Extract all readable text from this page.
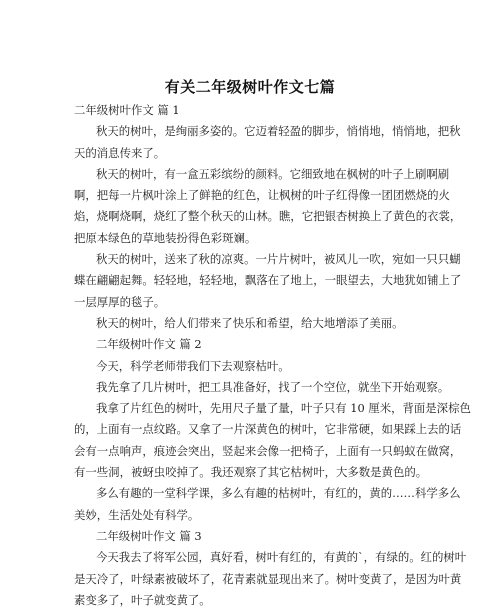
有关二年级树叶作文七篇
二年级树叶作文 篇 1
秋天的树叶，是绚丽多姿的。它迈着轻盈的脚步，悄悄地，悄悄地，把秋
天的消息传来了。
秋天的树叶，有一盒五彩缤纷的颜料。它细致地在枫树的叶子上刷啊刷
啊，把每一片枫叶涂上了鲜艳的红色，让枫树的叶子红得像一团团燃烧的火
焰，烧啊烧啊，烧红了整个秋天的山林。瞧，它把银杏树换上了黄色的衣裳，
把原本绿色的草地装扮得色彩斑斓。
秋天的树叶，送来了秋的凉爽。一片片树叶，被风儿一吹，宛如一只只蝴
蝶在翩翩起舞。轻轻地，轻轻地，飘落在了地上，一眼望去，大地犹如铺上了
一层厚厚的毯子。
秋天的树叶，给人们带来了快乐和希望，给大地增添了美丽。
二年级树叶作文 篇 2
今天，科学老师带我们下去观察枯叶。
我先拿了几片树叶，把工具准备好，找了一个空位，就坐下开始观察。
我拿了片红色的树叶，先用尺子量了量，叶子只有 10 厘米，背面是深棕色
的，上面有一点纹路。又拿了一片深黄色的树叶，它非常硬，如果踩上去的话
会有一点响声，痕迹会突出，竖起来会像一把椅子，上面有一只蚂蚁在做窝，
有一些洞，被蚜虫咬掉了。我还观察了其它枯树叶，大多数是黄色的。
多么有趣的一堂科学课，多么有趣的枯树叶，有红的，黄的……科学多么
美妙，生活处处有科学。
二年级树叶作文 篇 3
今天我去了将军公园，真好看，树叶有红的，有黄的`，有绿的。红的树叶
是天冷了，叶绿素被破坏了，花青素就显现出来了。树叶变黄了，是因为叶黄
素变多了，叶子就变黄了。
